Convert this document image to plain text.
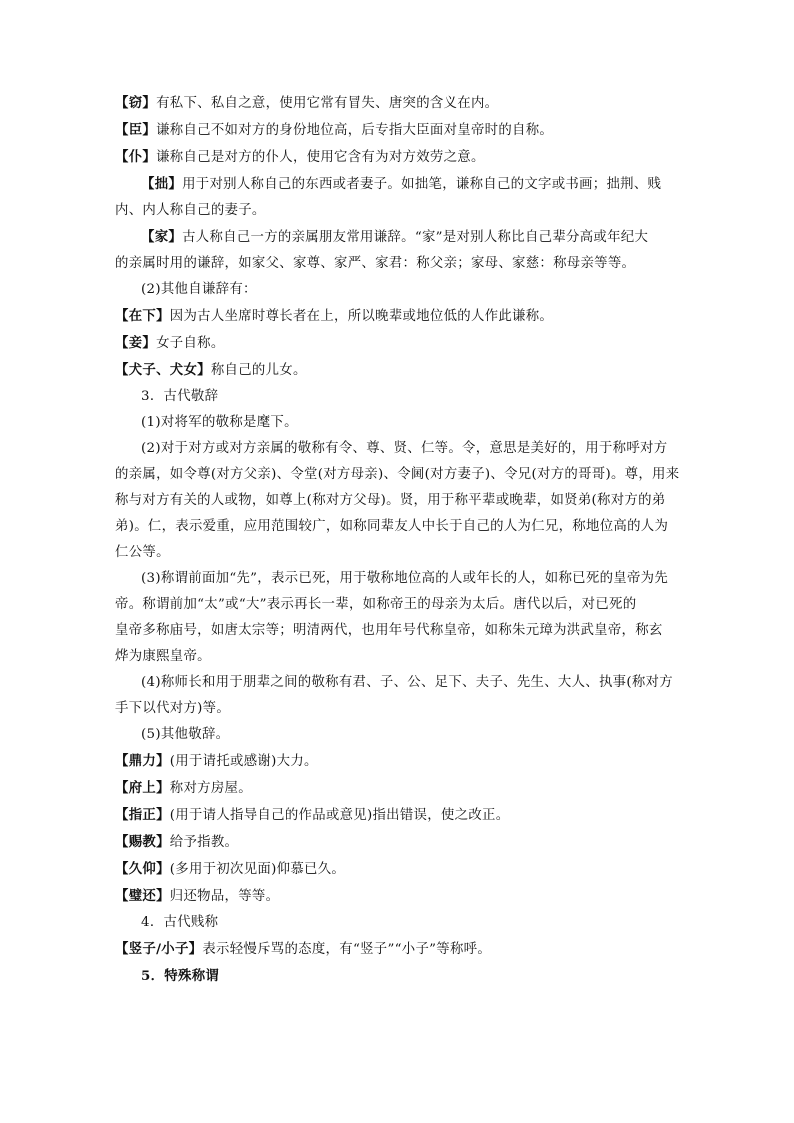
【窃】有私下、私自之意，使用它常有冒失、唐突的含义在内。
【臣】谦称自己不如对方的身份地位高，后专指大臣面对皇帝时的自称。
【仆】谦称自己是对方的仆人，使用它含有为对方效劳之意。
【拙】用于对别人称自己的东西或者妻子。如拙笔，谦称自己的文字或书画；拙荆、贱
内、内人称自己的妻子。
【家】古人称自己一方的亲属朋友常用谦辞。“家”是对别人称比自己辈分高或年纪大
的亲属时用的谦辞，如家父、家尊、家严、家君：称父亲；家母、家慈：称母亲等等。
(2)其他自谦辞有：
【在下】因为古人坐席时尊长者在上，所以晚辈或地位低的人作此谦称。
【妾】女子自称。
【犬子、犬女】称自己的儿女。
3．古代敬辞
(1)对将军的敬称是麾下。
(2)对于对方或对方亲属的敬称有令、尊、贤、仁等。令，意思是美好的，用于称呼对方
的亲属，如令尊(对方父亲)、令堂(对方母亲)、令阃(对方妻子)、令兄(对方的哥哥)。尊，用来
称与对方有关的人或物，如尊上(称对方父母)。贤，用于称平辈或晚辈，如贤弟(称对方的弟
弟)。仁，表示爱重，应用范围较广，如称同辈友人中长于自己的人为仁兄，称地位高的人为
仁公等。
(3)称谓前面加“先”，表示已死，用于敬称地位高的人或年长的人，如称已死的皇帝为先
帝。称谓前加“太”或“大”表示再长一辈，如称帝王的母亲为太后。唐代以后，对已死的
皇帝多称庙号，如唐太宗等；明清两代，也用年号代称皇帝，如称朱元璋为洪武皇帝，称玄
烨为康熙皇帝。
(4)称师长和用于朋辈之间的敬称有君、子、公、足下、夫子、先生、大人、执事(称对方
手下以代对方)等。
(5)其他敬辞。
【鼎力】(用于请托或感谢)大力。
【府上】称对方房屋。
【指正】(用于请人指导自己的作品或意见)指出错误，使之改正。
【赐教】给予指教。
【久仰】(多用于初次见面)仰慕已久。
【璧还】归还物品，等等。
4．古代贱称
【竖子/小子】表示轻慢斥骂的态度，有“竖子”“小子”等称呼。
5．特殊称谓
